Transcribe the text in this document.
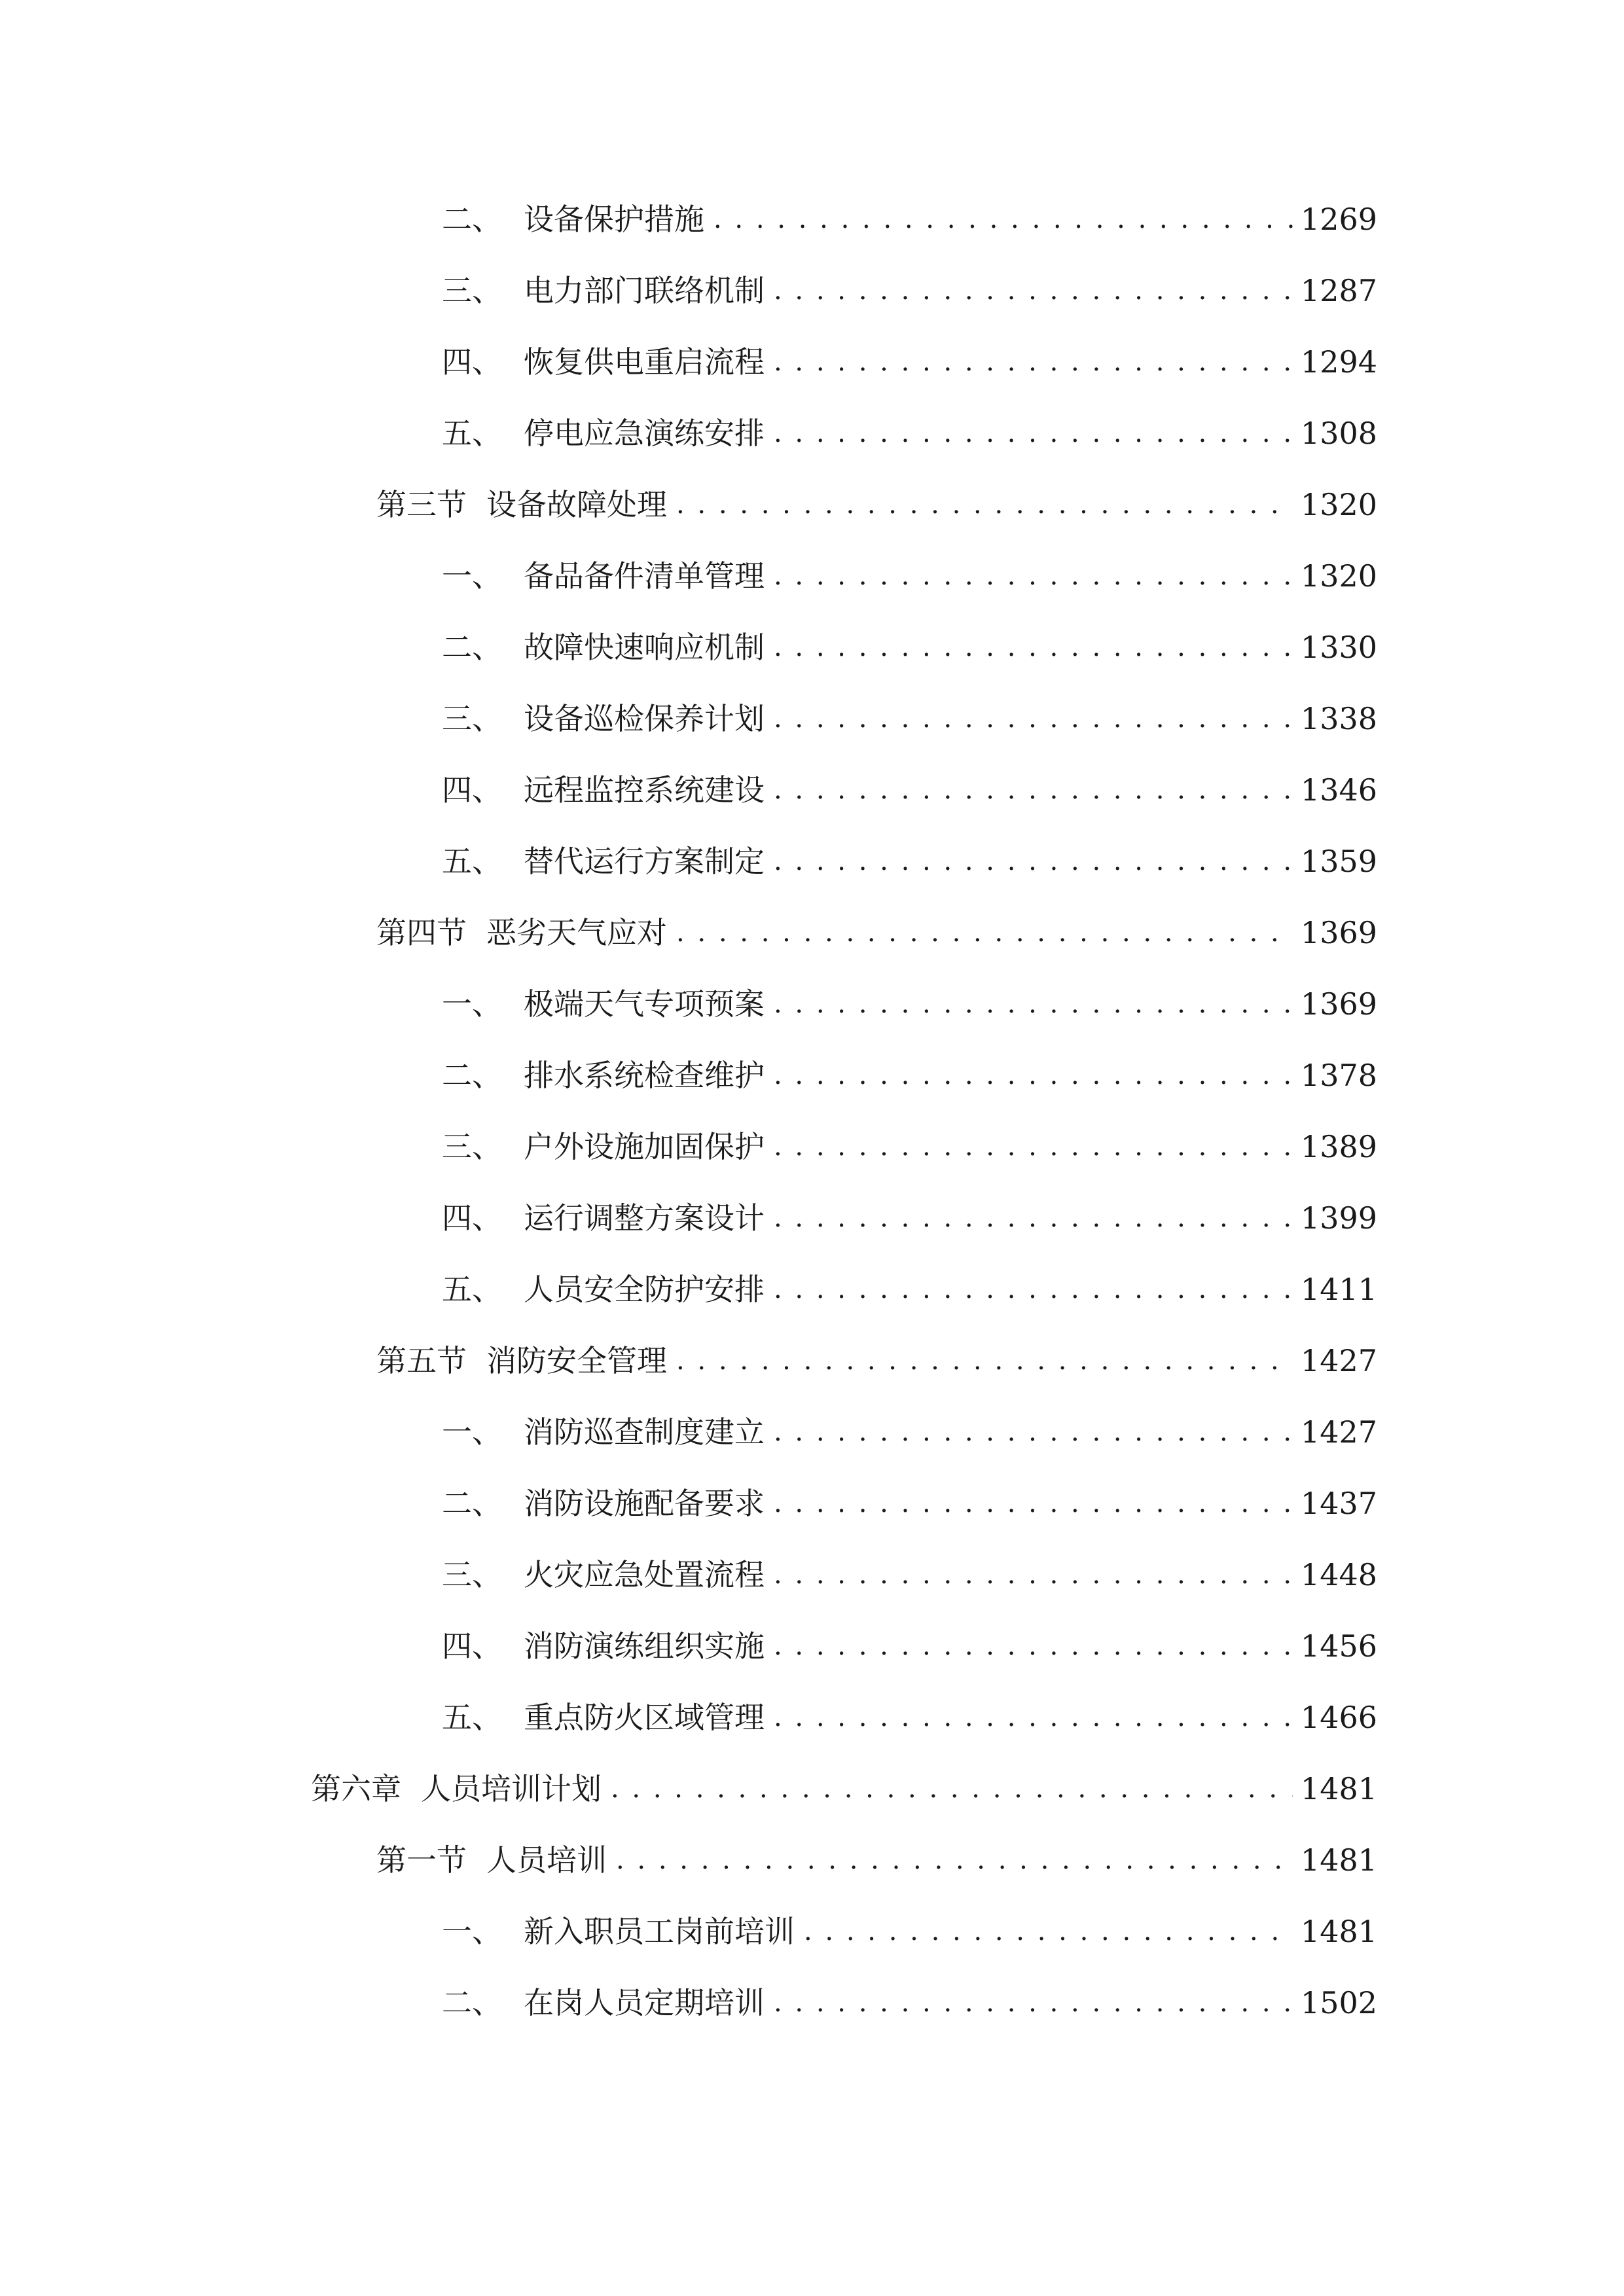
二、 设备保护措施 . . .	1269
三、 电力部门联络机制 . . .	1287
四、 恢复供电重启流程 . . .	1294
五、 停电应急演练安排 . . .	1308
第三节 设备故障处理 . . .	1320
一、 备品备件清单管理 . . .	1320
二、 故障快速响应机制 . . .	1330
三、 设备巡检保养计划 . . .	1338
四、 远程监控系统建设 . . .	1346
五、 替代运行方案制定 . . .	1359
第四节 恶劣天气应对 . . .	1369
一、 极端天气专项预案 . . .	1369
二、 排水系统检查维护 . . .	1378
三、 户外设施加固保护 . . .	1389
四、 运行调整方案设计 . . .	1399
五、 人员安全防护安排 . . .	1411
第五节 消防安全管理 . . .	1427
一、 消防巡查制度建立 . . .	1427
二、 消防设施配备要求 . . .	1437
三、 火灾应急处置流程 . . .	1448
四、 消防演练组织实施 . . .	1456
五、 重点防火区域管理 . . .	1466
第六章 人员培训计划 . . .	1481
第一节 人员培训 . . .	1481
一、 新入职员工岗前培训 . . .	1481
二、 在岗人员定期培训 . . .	1502
